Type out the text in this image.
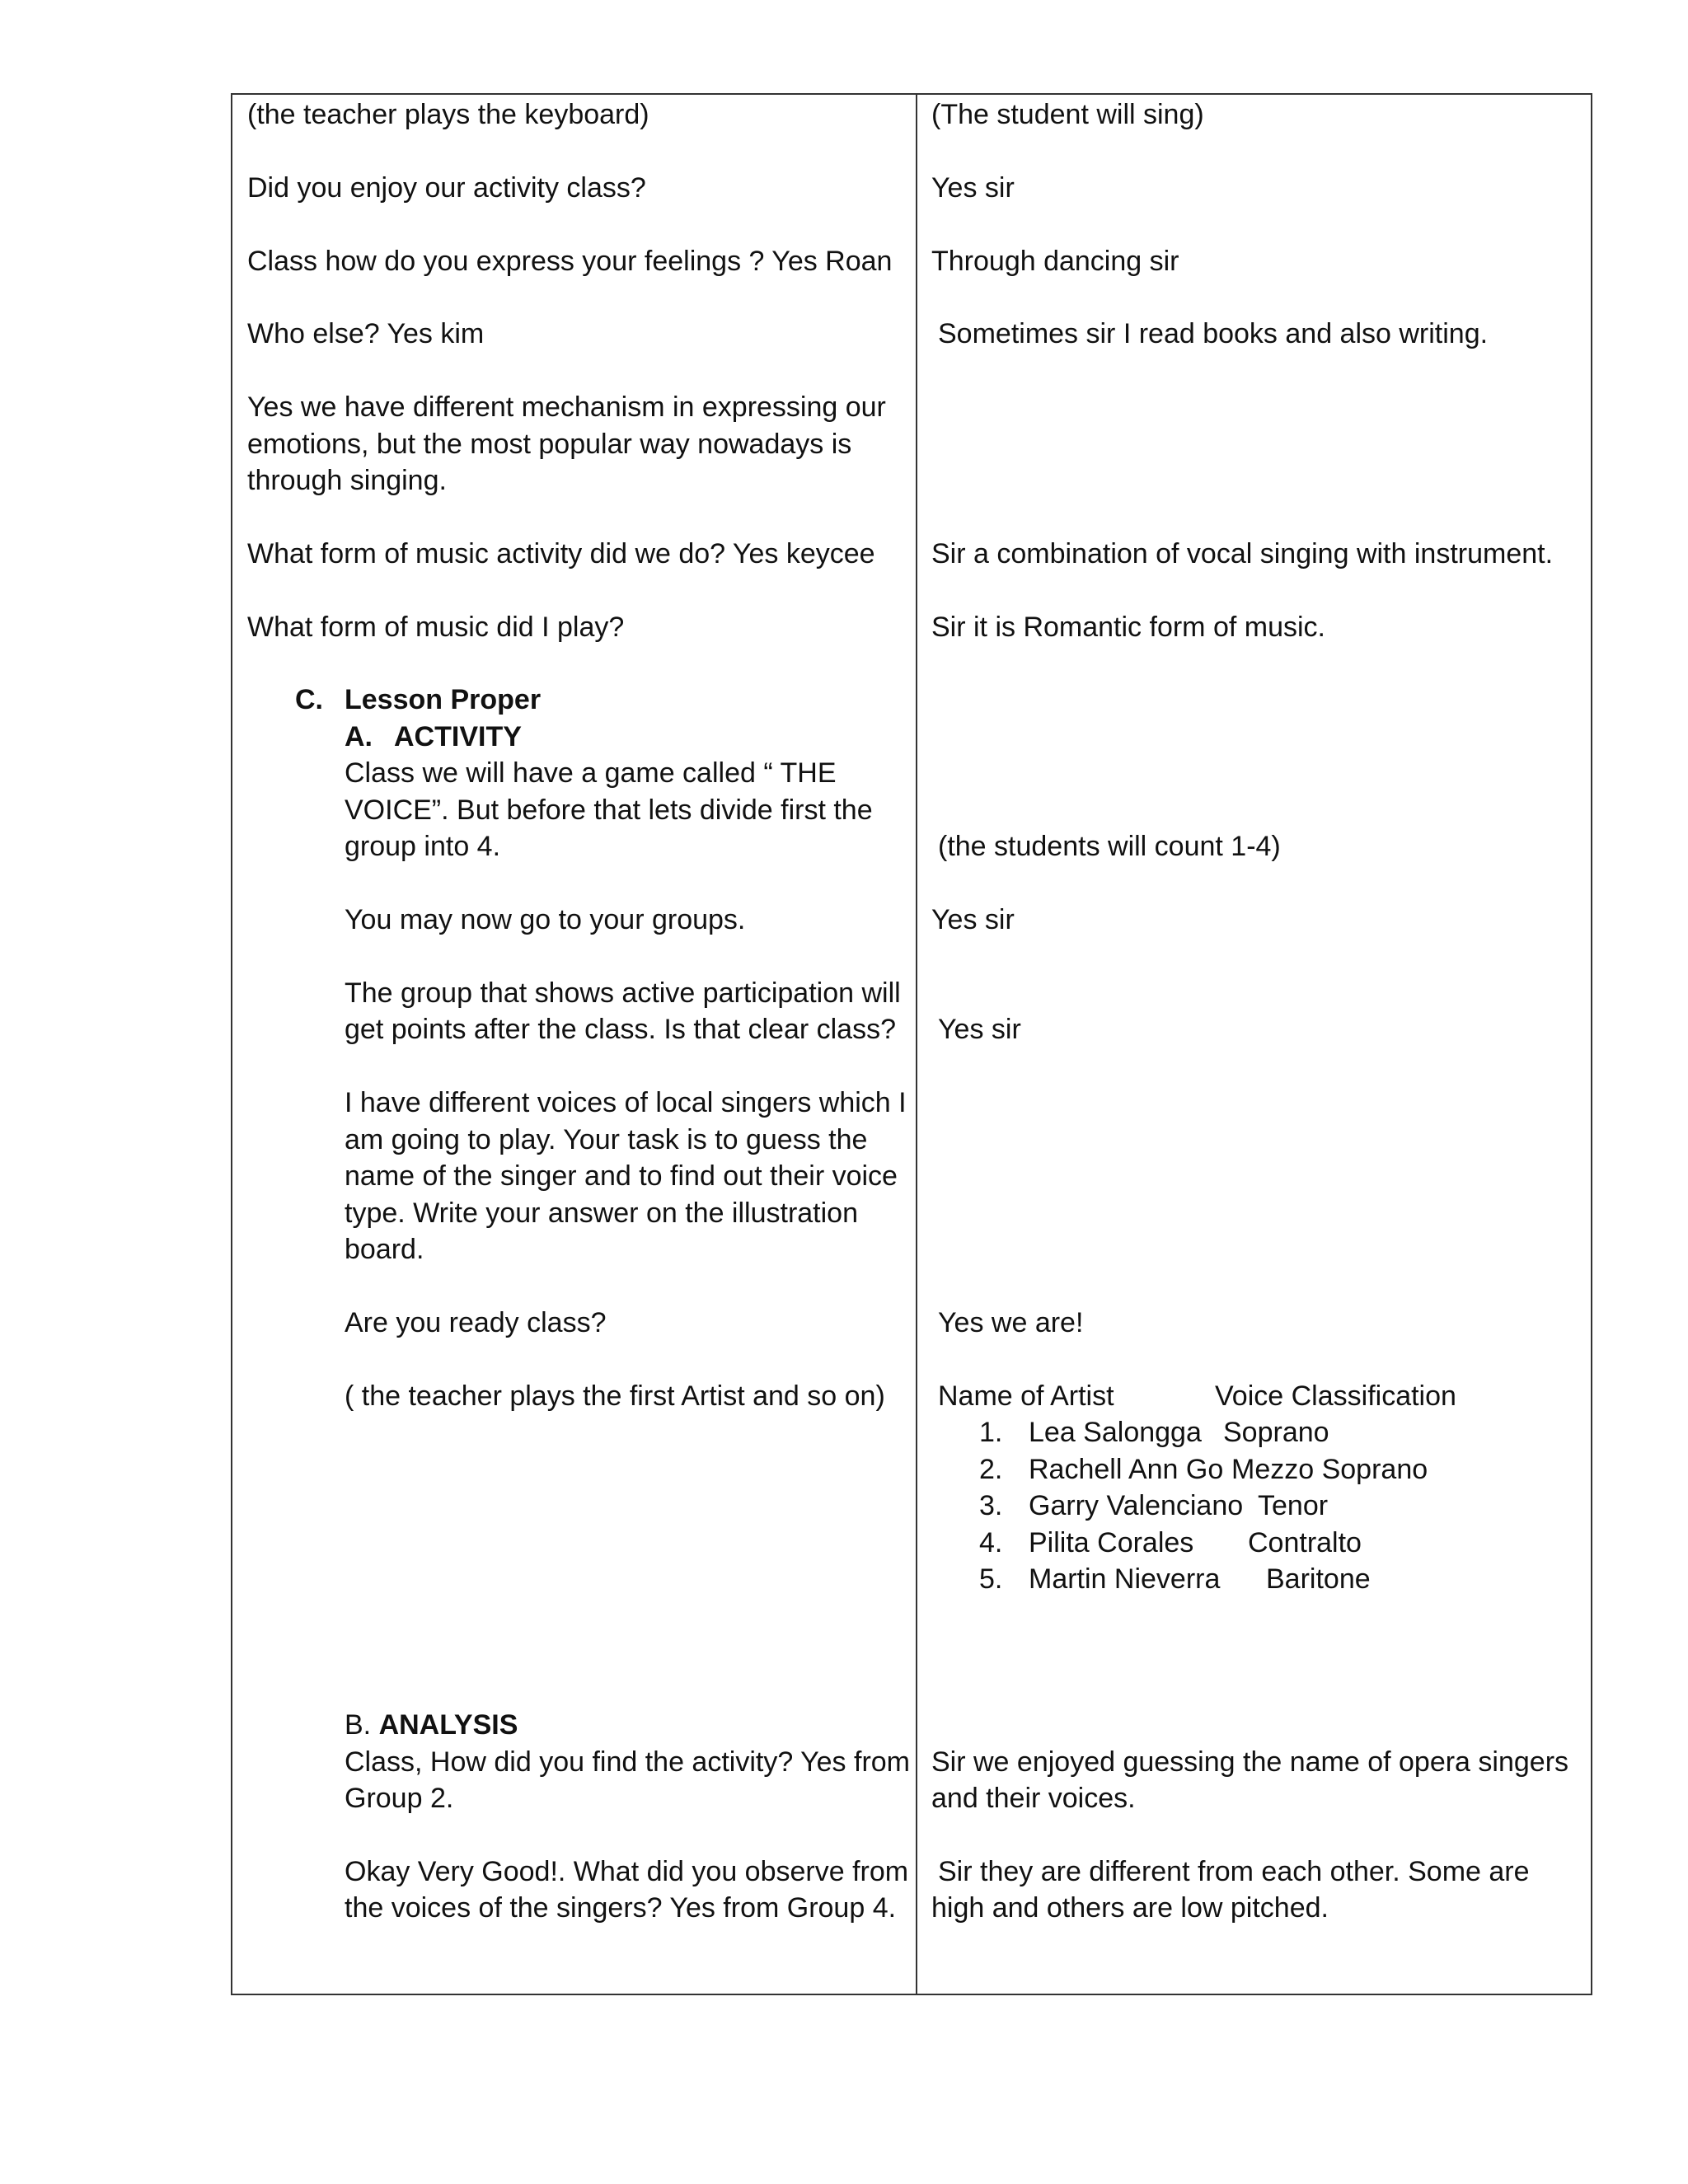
(the teacher plays the keyboard)
Did you enjoy our activity class?
Class how do you express your feelings ? Yes Roan
Who else? Yes kim
Yes we have different mechanism in expressing our
emotions, but the most popular way nowadays is
through singing.
What form of music activity did we do? Yes keycee
What form of music did I play?
C. Lesson Proper
A. ACTIVITY
Class we will have a game called “ THE
VOICE”. But before that lets divide first the
group into 4.
You may now go to your groups.
The group that shows active participation will
get points after the class. Is that clear class?
I have different voices of local singers which I
am going to play. Your task is to guess the
name of the singer and to find out their voice
type. Write your answer on the illustration
board.
Are you ready class?
( the teacher plays the first Artist and so on)
B. ANALYSIS
Class, How did you find the activity? Yes from
Group 2.
Okay Very Good!. What did you observe from
the voices of the singers? Yes from Group 4.
(The student will sing)
Yes sir
Through dancing sir
Sometimes sir I read books and also writing.
Sir a combination of vocal singing with instrument.
Sir it is Romantic form of music.
(the students will count 1-4)
Yes sir
Yes sir
Yes we are!
Name of Artist	Voice Classification
1. Lea Salongga Soprano
2. Rachell Ann Go Mezzo Soprano
3. Garry Valenciano Tenor
4. Pilita Corales Contralto
5. Martin Nieverra Baritone
Sir we enjoyed guessing the name of opera singers
and their voices.
Sir they are different from each other. Some are
high and others are low pitched.
